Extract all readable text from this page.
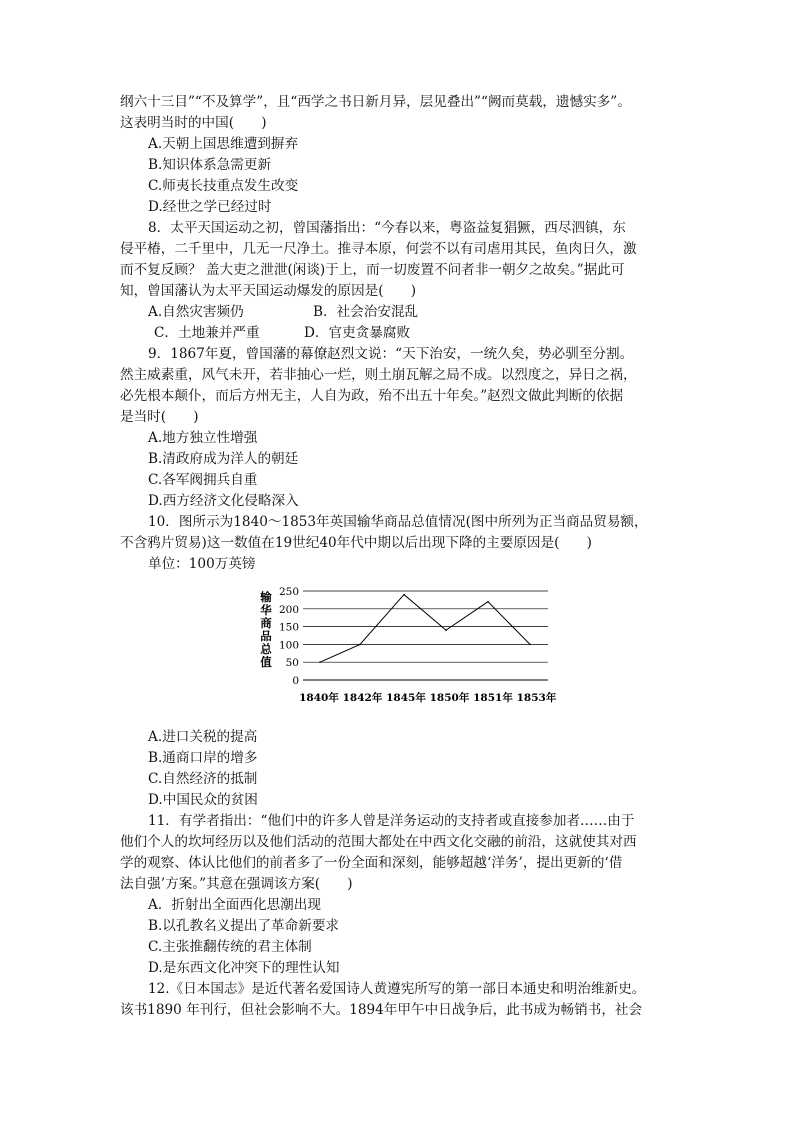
纲六十三目”“不及算学”，且“西学之书日新月异，层见叠出”“阙而莫载，遗憾实多”。
这表明当时的中国(　　)
A.天朝上国思维遭到摒弃
B.知识体系急需更新
C.师夷长技重点发生改变
D.经世之学已经过时
8．太平天国运动之初，曾国藩指出：“今春以来，粤盗益复猖獗，西尽泗镇，东
侵平椿，二千里中，几无一尺净土。推寻本原，何尝不以有司虐用其民，鱼肉日久，激
而不复反顾？ 盖大吏之泄泄(闲谈)于上，而一切废置不问者非一朝夕之故矣。”据此可
知，曾国藩认为太平天国运动爆发的原因是(　　)
A.自然灾害频仍	B．社会治安混乱
C．土地兼并严重	D．官吏贪暴腐败
9．1867年夏，曾国藩的幕僚赵烈文说：“天下治安，一统久矣，势必驯至分割。
然主威素重，风气未开，若非抽心一烂，则土崩瓦解之局不成。以烈度之，异日之祸，
必先根本颠仆，而后方州无主，人自为政，殆不出五十年矣。”赵烈文做此判断的依据
是当时(　　)
A.地方独立性增强
B.清政府成为洋人的朝廷
C.各军阀拥兵自重
D.西方经济文化侵略深入
10．图所示为1840～1853年英国输华商品总值情况(图中所列为正当商品贸易额，
不含鸦片贸易)这一数值在19世纪40年代中期以后出现下降的主要原因是(　　)
单位：100万英镑
0
50
100
150
200
250
输
华
商
品
总
值
1840年 1842年 1845年 1850年 1851年 1853年
A.进口关税的提高
B.通商口岸的增多
C.自然经济的抵制
D.中国民众的贫困
11．有学者指出：“他们中的许多人曾是洋务运动的支持者或直接参加者……由于
他们个人的坎坷经历以及他们活动的范围大都处在中西文化交融的前沿，这就使其对西
学的观察、体认比他们的前者多了一份全面和深刻，能够超越‘洋务’，提出更新的‘借
法自强’方案。”其意在强调该方案(　　)
A．折射出全面西化思潮出现
B.以孔教名义提出了革命新要求
C.主张推翻传统的君主体制
D.是东西文化冲突下的理性认知
12.《日本国志》是近代著名爱国诗人黄遵宪所写的第一部日本通史和明治维新史。
该书1890 年刊行，但社会影响不大。1894年甲午中日战争后，此书成为畅销书，社会
